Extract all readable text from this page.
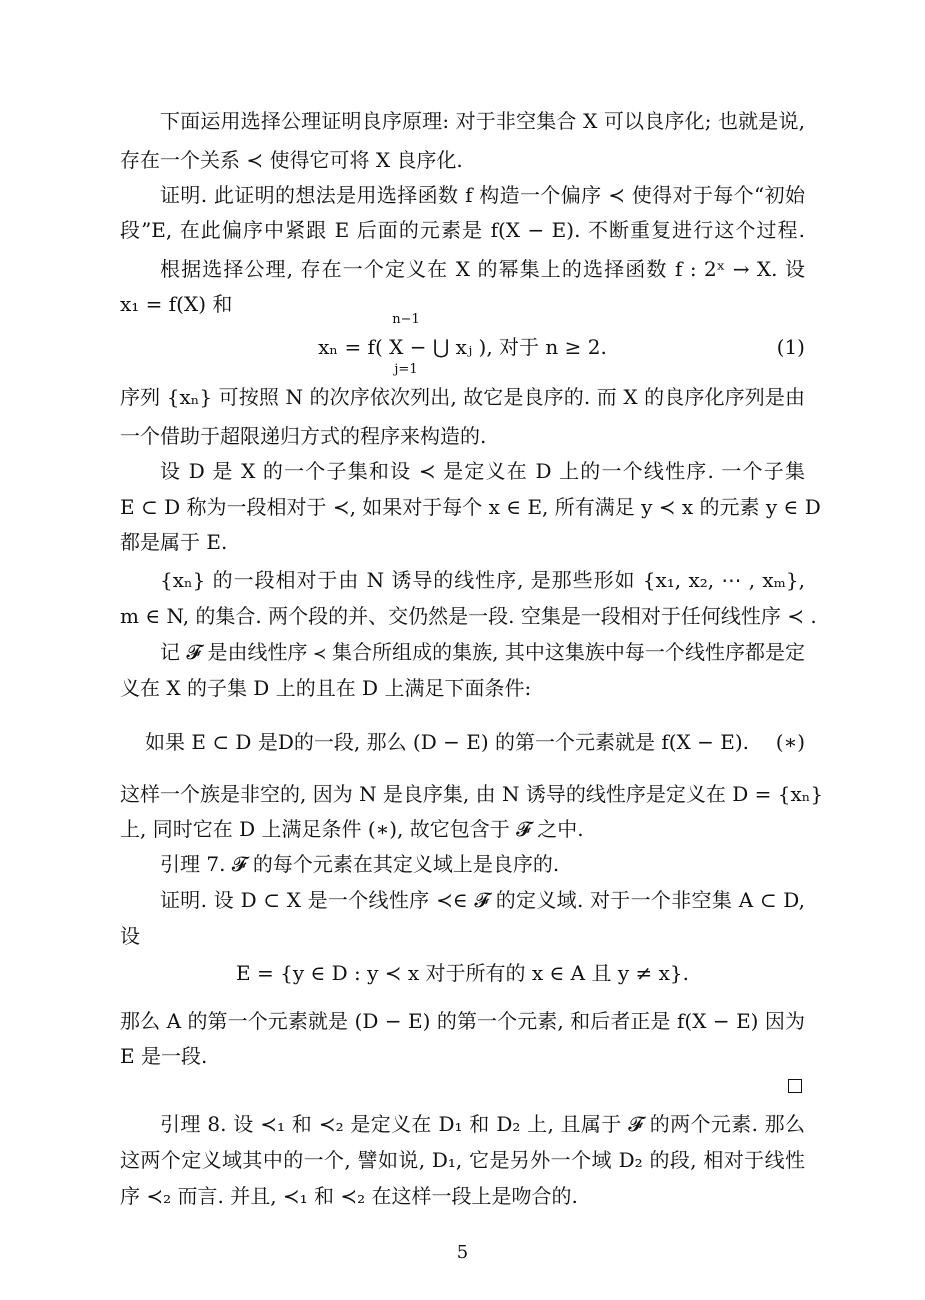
下面运用选择公理证明良序原理: 对于非空集合 X 可以良序化; 也就是说,
存在一个关系 ≺ 使得它可将 X 良序化.
证明. 此证明的想法是用选择函数 f 构造一个偏序 ≺ 使得对于每个“初始
段”E, 在此偏序中紧跟 E 后面的元素是 f(X − E). 不断重复进行这个过程.
根据选择公理, 存在一个定义在 X 的幂集上的选择函数 f : 2ˣ → X. 设
x₁ = f(X) 和
n−1
xₙ = f( X − ⋃ xⱼ ), 对于 n ≥ 2.
j=1
(1)
序列 {xₙ} 可按照 N 的次序依次列出, 故它是良序的. 而 X 的良序化序列是由
一个借助于超限递归方式的程序来构造的.
设 D 是 X 的一个子集和设 ≺ 是定义在 D 上的一个线性序. 一个子集
E ⊂ D 称为一段相对于 ≺, 如果对于每个 x ∈ E, 所有满足 y ≺ x 的元素 y ∈ D
都是属于 E.
{xₙ} 的一段相对于由 N 诱导的线性序, 是那些形如 {x₁, x₂, ⋯ , xₘ},
m ∈ N, 的集合. 两个段的并、交仍然是一段. 空集是一段相对于任何线性序 ≺ .
记 𝓕 是由线性序 ≺ 集合所组成的集族, 其中这集族中每一个线性序都是定
义在 X 的子集 D 上的且在 D 上满足下面条件:
如果 E ⊂ D 是D的一段, 那么 (D − E) 的第一个元素就是 f(X − E).	(∗)
这样一个族是非空的, 因为 N 是良序集, 由 N 诱导的线性序是定义在 D = {xₙ}
上, 同时它在 D 上满足条件 (∗), 故它包含于 𝓕 之中.
引理 7. 𝓕 的每个元素在其定义域上是良序的.
证明. 设 D ⊂ X 是一个线性序 ≺∈ 𝓕 的定义域. 对于一个非空集 A ⊂ D,
设
E = {y ∈ D : y ≺ x 对于所有的 x ∈ A 且 y ≠ x}.
那么 A 的第一个元素就是 (D − E) 的第一个元素, 和后者正是 f(X − E) 因为
E 是一段.
引理 8. 设 ≺₁ 和 ≺₂ 是定义在 D₁ 和 D₂ 上, 且属于 𝓕 的两个元素. 那么
这两个定义域其中的一个, 譬如说, D₁, 它是另外一个域 D₂ 的段, 相对于线性
序 ≺₂ 而言. 并且, ≺₁ 和 ≺₂ 在这样一段上是吻合的.
5
